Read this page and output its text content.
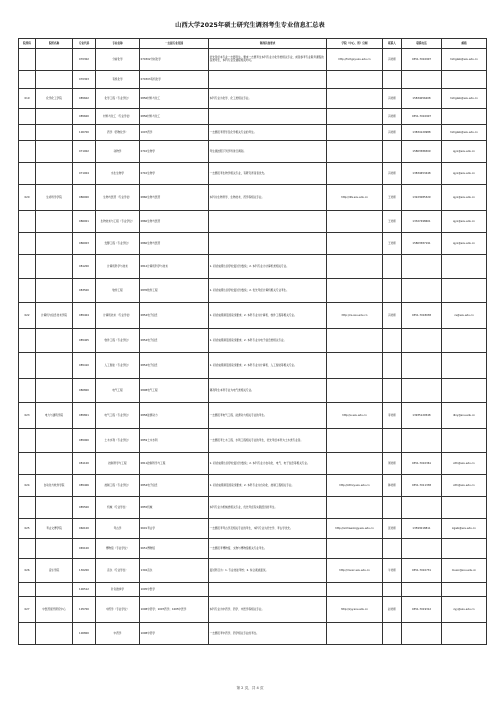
山西大学2025年硕士研究生调剂考生专业信息汇总表
院所码	院所名称	专业代码	专业名称	一志愿专业范围	调剂其他要求	学院（中心、所）官网	联系人	联系电话	邮箱
		070302	分析化学	070302分析化学	优先考虑本专业一志愿考生。要求一志愿考生本科专业为化学类相关专业，或者参考专业联考课程的各类考生，本科专业及课程相关均可。	http://hxhgxy.sxu.edu.cn	冯老师	0351-7010907	hxhgzsb@sxu.edu.cn
		070303	有机化学	070303有机化学					
019	化学化工学院	085602	化学工程（专业学位）	0856材料与化工	本科专业为化学、化工类相关专业。		冯老师	15834056208	hxhgzsb@sxu.edu.cn
		085600	材料与化工（专业学位）	0856材料与化工			冯老师	0351-7010907	
		100700	药学（药物化学）	1007药学	一志愿报考药学及化学相关专业的考生。		冯老师	13834120988	hxhgzsb@sxu.edu.cn
		071002	动物学	0710生物学	考生须按照下列学科进行调剂。			15803586509	sjyx@sxu.edu.cn
		071004	水生生物学	0710生物学	一志愿报考生物学相关专业，有研究背景者优先。		冯老师	13834653448	sjyx@sxu.edu.cn
020	生命科学学院	086000	生物与医药（专业学位）	0860生物与医药	本科为生物科学、生物技术、药学等相关专业。	http://life.sxu.edu.cn	王老师	13223085329	sjyx@sxu.edu.cn
		086001	生物技术与工程（专业学位）	0860生物与医药			王老师	13327498601	sjyx@sxu.edu.cn
		086003	发酵工程（专业学位）	0860生物与医药			王老师	15803587191	sjyx@sxu.edu.cn
		081200	计算机科学与技术	0812计算机科学与技术	1. 初试成绩达到学校复试分数线；2. 本科专业为计算机类相关专业。				
		083500	软件工程	0835软件工程	1. 初试成绩达到学校复试分数线；2. 优先考虑计算机相关专业考生。				
022	计算机与信息技术学院	085404	计算机技术（专业学位）	0854电子信息	1. 初试成绩满足国家线要求；2. 本科专业为计算机、软件工程等相关专业。	http://cs.sxu.edu.cn	冯老师	0351-7018038	cs@sxu.edu.cn
		085405	软件工程（专业学位）	0854电子信息	1. 初试成绩满足国家线要求；2. 本科专业为电子信息类相关专业。				
		085410	人工智能（专业学位）	0854电子信息	1. 初试成绩满足国家线要求；2. 本科专业为计算机、人工智能等相关专业。				
		080800	电气工程	0808电气工程	调剂考生本科专业为电气类相关专业。				
023	电力与建筑学院	085801	电气工程（专业学位）	0858能源动力	一志愿报考电气工程、能源动力相关专业的考生。	http://e.sxu.edu.cn	李老师	13935120548	dlxy@sxu.edu.cn
		085900	土木水利（专业学位）	0859土木水利	一志愿报考土木工程、水利工程相关专业的考生，优先考虑本科为土木类专业者。				
		081100	控制科学与工程	0811控制科学与工程	1. 初试成绩达到学校复试分数线；2. 本科专业为自动化、电气、电子信息等相关专业。		周老师	0351-7010361	zdh@sxu.edu.cn
024	自动化与软件学院	085406	控制工程（专业学位）	0854电子信息	1. 初试成绩满足国家线要求；2. 本科专业为自动化、控制工程相关专业。	http://zdhxy.sxu.edu.cn	韩老师	0351-7011338	zdh@sxu.edu.cn
		085500	机械（专业学位）	0855机械	本科专业为机械类相关专业，优先考虑有实践经历的考生。				
025	考古文博学院	060100	考古学	0601考古学	一志愿报考考古学及相关专业的考生，本科专业为历史学、考古学优先。	http://archaeology.sxu.edu.cn	张老师	13593018811	kgwb@sxu.edu.cn
		065100	博物馆（专业学位）	0651博物馆	一志愿报考博物馆、文物与博物馆相关专业考生。				
026	音乐学院	130200	音乐（专业学位）	1302音乐	复试科目为：1. 专业技能考核；2. 综合素质面试。	http://music.sxu.edu.cn	牛老师	0351-7010731	music@sxu.edu.cn
		100512	针灸推拿学	1005中医学					
027	中医药现代研究中心	105700	中药学（专业学位）	1008中药学；1007药学；1005中医学	本科专业为中药学、药学、中医学等相关专业。	http://zyy.sxu.edu.cn	赵老师	0351-7019312	zyy@sxu.edu.cn
		100800	中药学	1008中药学	一志愿报考中药学、药学相关专业的考生。				
第 2 页，共 4 页
